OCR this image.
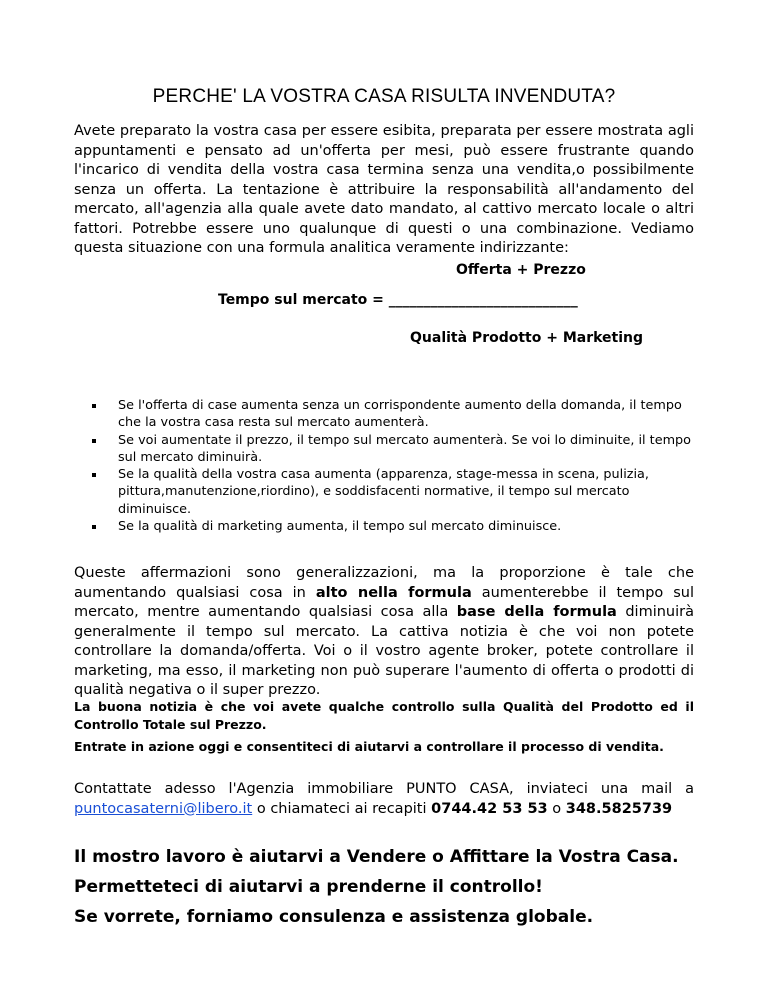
PERCHE' LA VOSTRA CASA RISULTA INVENDUTA?

Avete preparato la vostra casa per essere esibita, preparata per essere mostrata agli appuntamenti e pensato ad un'offerta per mesi, può essere frustrante quando l'incarico di vendita della vostra casa termina senza una vendita,o possibilmente senza un offerta. La tentazione è attribuire la responsabilità all'andamento del mercato, all'agenzia alla quale avete dato mandato, al cattivo mercato locale o altri fattori. Potrebbe essere uno qualunque di questi o una combinazione. Vediamo questa situazione con una formula analitica veramente indirizzante:

Offerta + Prezzo
Tempo sul mercato = ___________________________
Qualità Prodotto + Marketing
Se l'offerta di case aumenta senza un corrispondente aumento della domanda, il tempo che la vostra casa resta sul mercato aumenterà.
Se voi aumentate il prezzo, il tempo sul mercato aumenterà. Se voi lo diminuite, il tempo sul mercato diminuirà.
Se la qualità della vostra casa aumenta (apparenza, stage-messa in scena, pulizia, pittura,manutenzione,riordino), e soddisfacenti normative, il tempo sul mercato diminuisce.
Se la qualità di marketing aumenta, il tempo sul mercato diminuisce.

Queste affermazioni sono generalizzazioni, ma la proporzione è tale che aumentando qualsiasi cosa in alto nella formula aumenterebbe il tempo sul mercato, mentre aumentando qualsiasi cosa alla base della formula diminuirà generalmente il tempo sul mercato. La cattiva notizia è che voi non potete controllare la domanda/offerta. Voi o il vostro agente broker, potete controllare il marketing, ma esso, il marketing non può superare l'aumento di offerta o prodotti di qualità negativa o il super prezzo.

La buona notizia è che voi avete qualche controllo sulla Qualità del Prodotto ed il Controllo Totale sul Prezzo.

Entrate in azione oggi e consentiteci di aiutarvi a controllare il processo di vendita.

Contattate adesso l'Agenzia immobiliare PUNTO CASA, inviateci una mail a puntocasaterni@libero.it o chiamateci ai recapiti 0744.42 53 53 o 348.5825739

Il mostro lavoro è aiutarvi a Vendere o Affittare la Vostra Casa.

Permetteteci di aiutarvi a prenderne il controllo!

Se vorrete, forniamo consulenza e assistenza globale.
